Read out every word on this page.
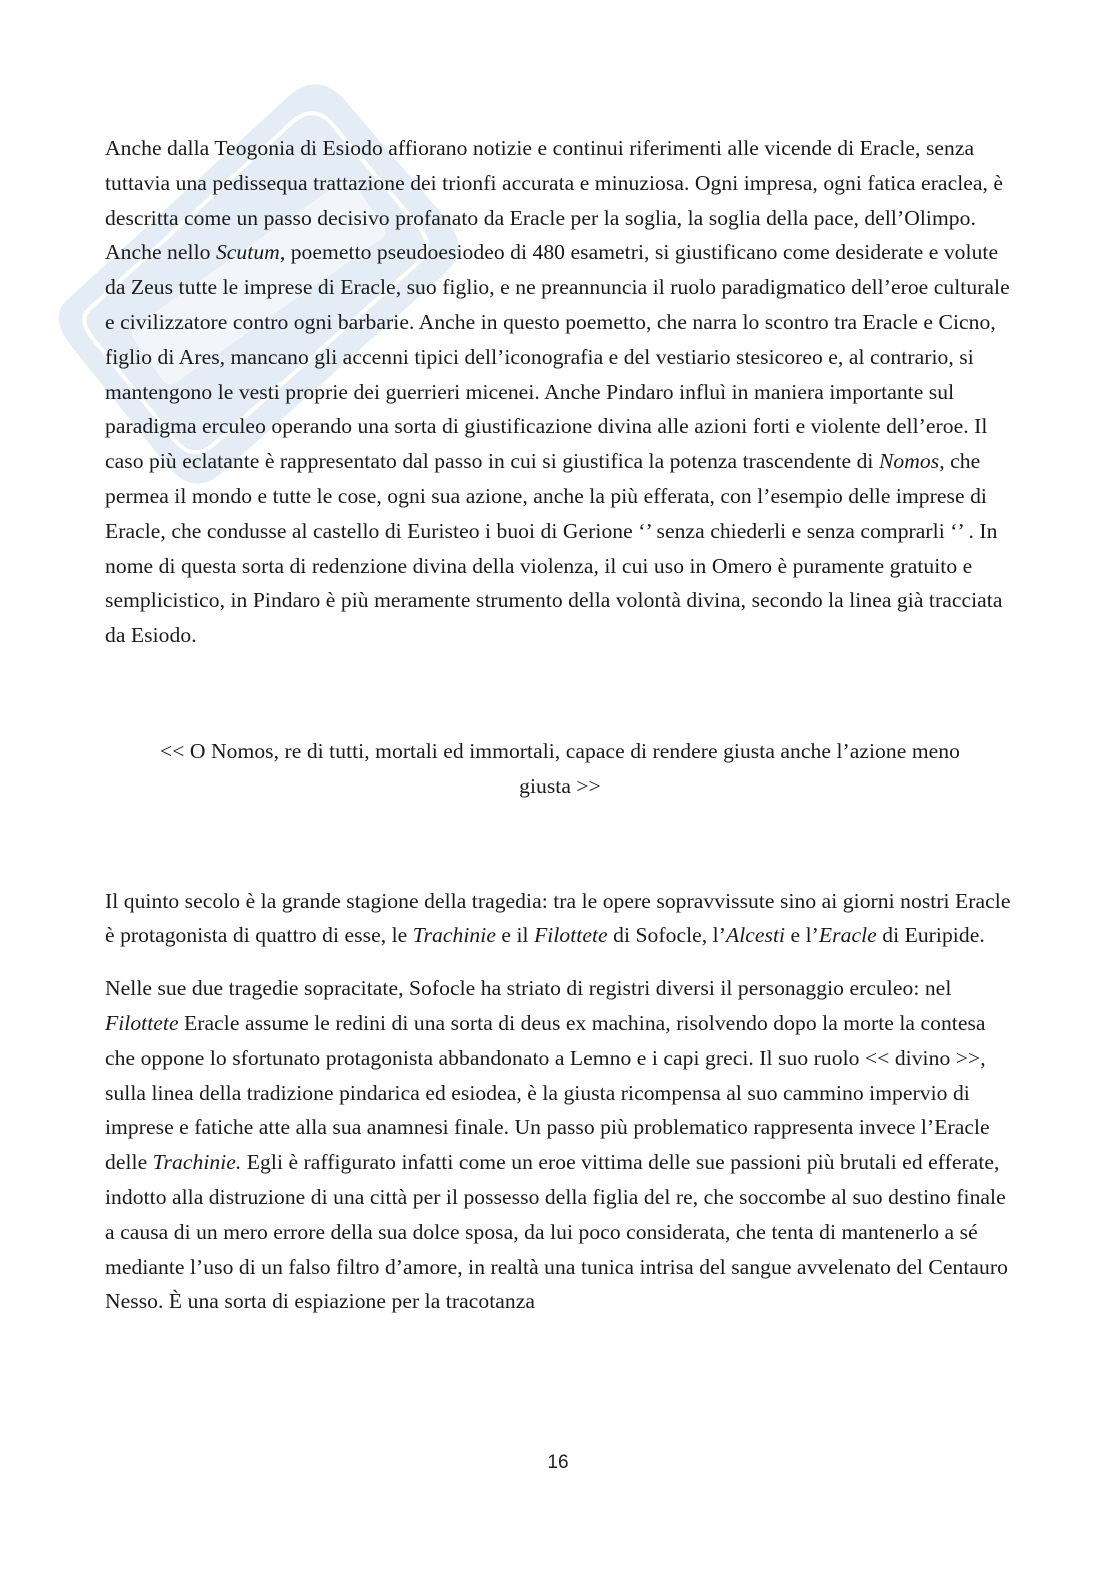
Anche dalla Teogonia di Esiodo affiorano notizie e continui riferimenti alle vicende di Eracle, senza tuttavia una pedissequa trattazione dei trionfi accurata e minuziosa. Ogni impresa, ogni fatica eraclea, è descritta come un passo decisivo profanato da Eracle per la soglia, la soglia della pace, dell’Olimpo. Anche nello Scutum, poemetto pseudoesiodeo di 480 esametri, si giustificano come desiderate e volute da Zeus tutte le imprese di Eracle, suo figlio, e ne preannuncia il ruolo paradigmatico dell’eroe culturale e civilizzatore contro ogni barbarie. Anche in questo poemetto, che narra lo scontro tra Eracle e Cicno, figlio di Ares, mancano gli accenni tipici dell’iconografia e del vestiario stesicoreo e, al contrario, si mantengono le vesti proprie dei guerrieri micenei. Anche Pindaro influì in maniera importante sul paradigma erculeo operando una sorta di giustificazione divina alle azioni forti e violente dell’eroe. Il caso più eclatante è rappresentato dal passo in cui si giustifica la potenza trascendente di Nomos, che permea il mondo e tutte le cose, ogni sua azione, anche la più efferata, con l’esempio delle imprese di Eracle, che condusse al castello di Euristeo i buoi di Gerione ‘’ senza chiederli e senza comprarli ‘’ . In nome di questa sorta di redenzione divina della violenza, il cui uso in Omero è puramente gratuito e semplicistico, in Pindaro è più meramente strumento della volontà divina, secondo la linea già tracciata da Esiodo.

<< O Nomos, re di tutti, mortali ed immortali, capace di rendere giusta anche l’azione meno giusta >>

Il quinto secolo è la grande stagione della tragedia: tra le opere sopravvissute sino ai giorni nostri Eracle è protagonista di quattro di esse, le Trachinie e il Filottete di Sofocle, l’Alcesti e l’Eracle di Euripide.

Nelle sue due tragedie sopracitate, Sofocle ha striato di registri diversi il personaggio erculeo: nel Filottete Eracle assume le redini di una sorta di deus ex machina, risolvendo dopo la morte la contesa che oppone lo sfortunato protagonista abbandonato a Lemno e i capi greci. Il suo ruolo << divino >>, sulla linea della tradizione pindarica ed esiodea, è la giusta ricompensa al suo cammino impervio di imprese e fatiche atte alla sua anamnesi finale. Un passo più problematico rappresenta invece l’Eracle delle Trachinie. Egli è raffigurato infatti come un eroe vittima delle sue passioni più brutali ed efferate, indotto alla distruzione di una città per il possesso della figlia del re, che soccombe al suo destino finale a causa di un mero errore della sua dolce sposa, da lui poco considerata, che tenta di mantenerlo a sé mediante l’uso di un falso filtro d’amore, in realtà una tunica intrisa del sangue avvelenato del Centauro Nesso. È una sorta di espiazione per la tracotanza

16
